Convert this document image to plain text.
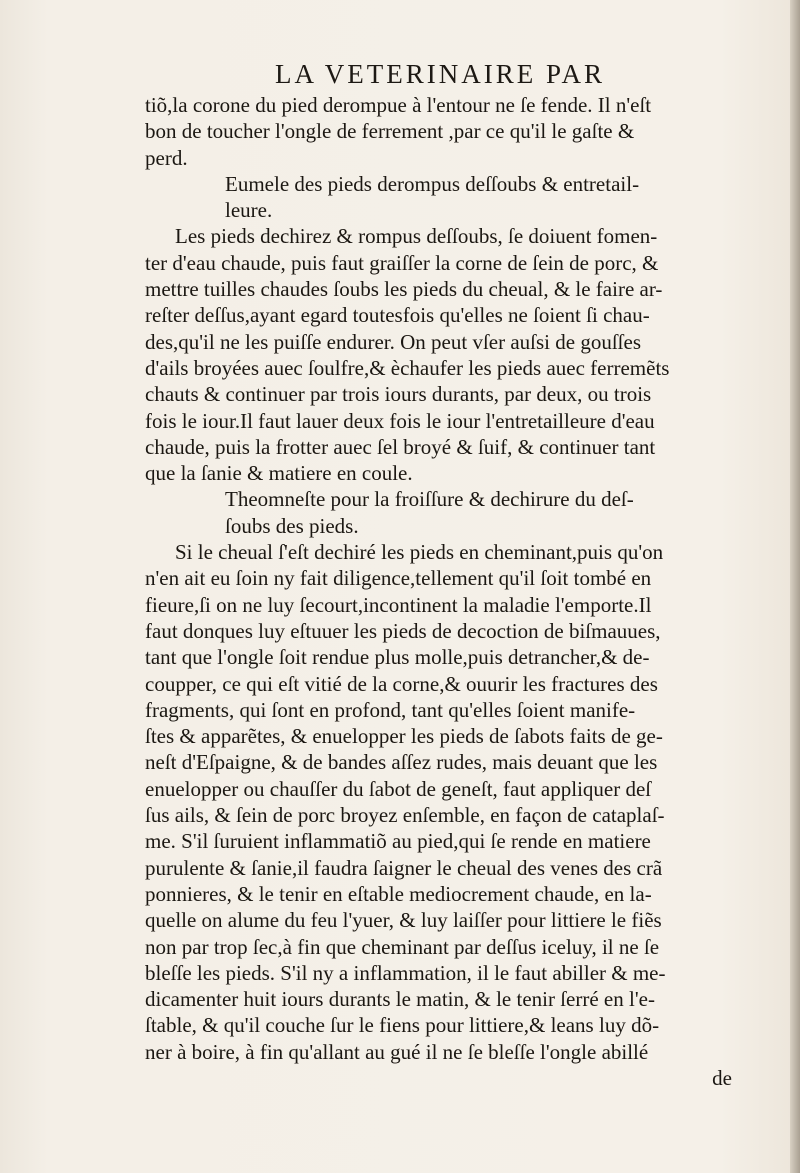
LA VETERINAIRE PAR
tiõ,la corone du pied derompue à l'entour ne ſe fende. Il n'eſt
bon de toucher l'ongle de ferrement ,par ce qu'il le gaſte &
perd.
Eumele des pieds derompus deſſoubs & entretail-
leure.
Les pieds dechirez & rompus deſſoubs, ſe doiuent fomen-
ter d'eau chaude, puis faut graiſſer la corne de ſein de porc, &
mettre tuilles chaudes ſoubs les pieds du cheual, & le faire ar-
reſter deſſus,ayant egard toutesfois qu'elles ne ſoient ſi chau-
des,qu'il ne les puiſſe endurer. On peut vſer auſsi de gouſſes
d'ails broyées auec ſoulfre,& èchaufer les pieds auec ferremẽts
chauts & continuer par trois iours durants, par deux, ou trois
fois le iour.Il faut lauer deux fois le iour l'entretailleure d'eau
chaude, puis la frotter auec ſel broyé & ſuif, & continuer tant
que la ſanie & matiere en coule.
Theomneſte pour la froiſſure & dechirure du deſ-
ſoubs des pieds.
Si le cheual ſ'eſt dechiré les pieds en cheminant,puis qu'on
n'en ait eu ſoin ny fait diligence,tellement qu'il ſoit tombé en
fieure,ſi on ne luy ſecourt,incontinent la maladie l'emporte.Il
faut donques luy eſtuuer les pieds de decoction de biſmauues,
tant que l'ongle ſoit rendue plus molle,puis detrancher,& de-
coupper, ce qui eſt vitié de la corne,& ouurir les fractures des
fragments, qui ſont en profond, tant qu'elles ſoient manife-
ſtes & apparẽtes, & enuelopper les pieds de ſabots faits de ge-
neſt d'Eſpaigne, & de bandes aſſez rudes, mais deuant que les
enuelopper ou chauſſer du ſabot de geneſt, faut appliquer deſ
ſus ails, & ſein de porc broyez enſemble, en façon de cataplaſ-
me. S'il ſuruient inflammatiõ au pied,qui ſe rende en matiere
purulente & ſanie,il faudra ſaigner le cheual des venes des crã
ponnieres, & le tenir en eſtable mediocrement chaude, en la-
quelle on alume du feu l'yuer, & luy laiſſer pour littiere le fiẽs
non par trop ſec,à fin que cheminant par deſſus iceluy, il ne ſe
bleſſe les pieds. S'il ny a inflammation, il le faut abiller & me-
dicamenter huit iours durants le matin, & le tenir ſerré en l'e-
ſtable, & qu'il couche ſur le fiens pour littiere,& leans luy dõ-
ner à boire, à fin qu'allant au gué il ne ſe bleſſe l'ongle abillé
de
